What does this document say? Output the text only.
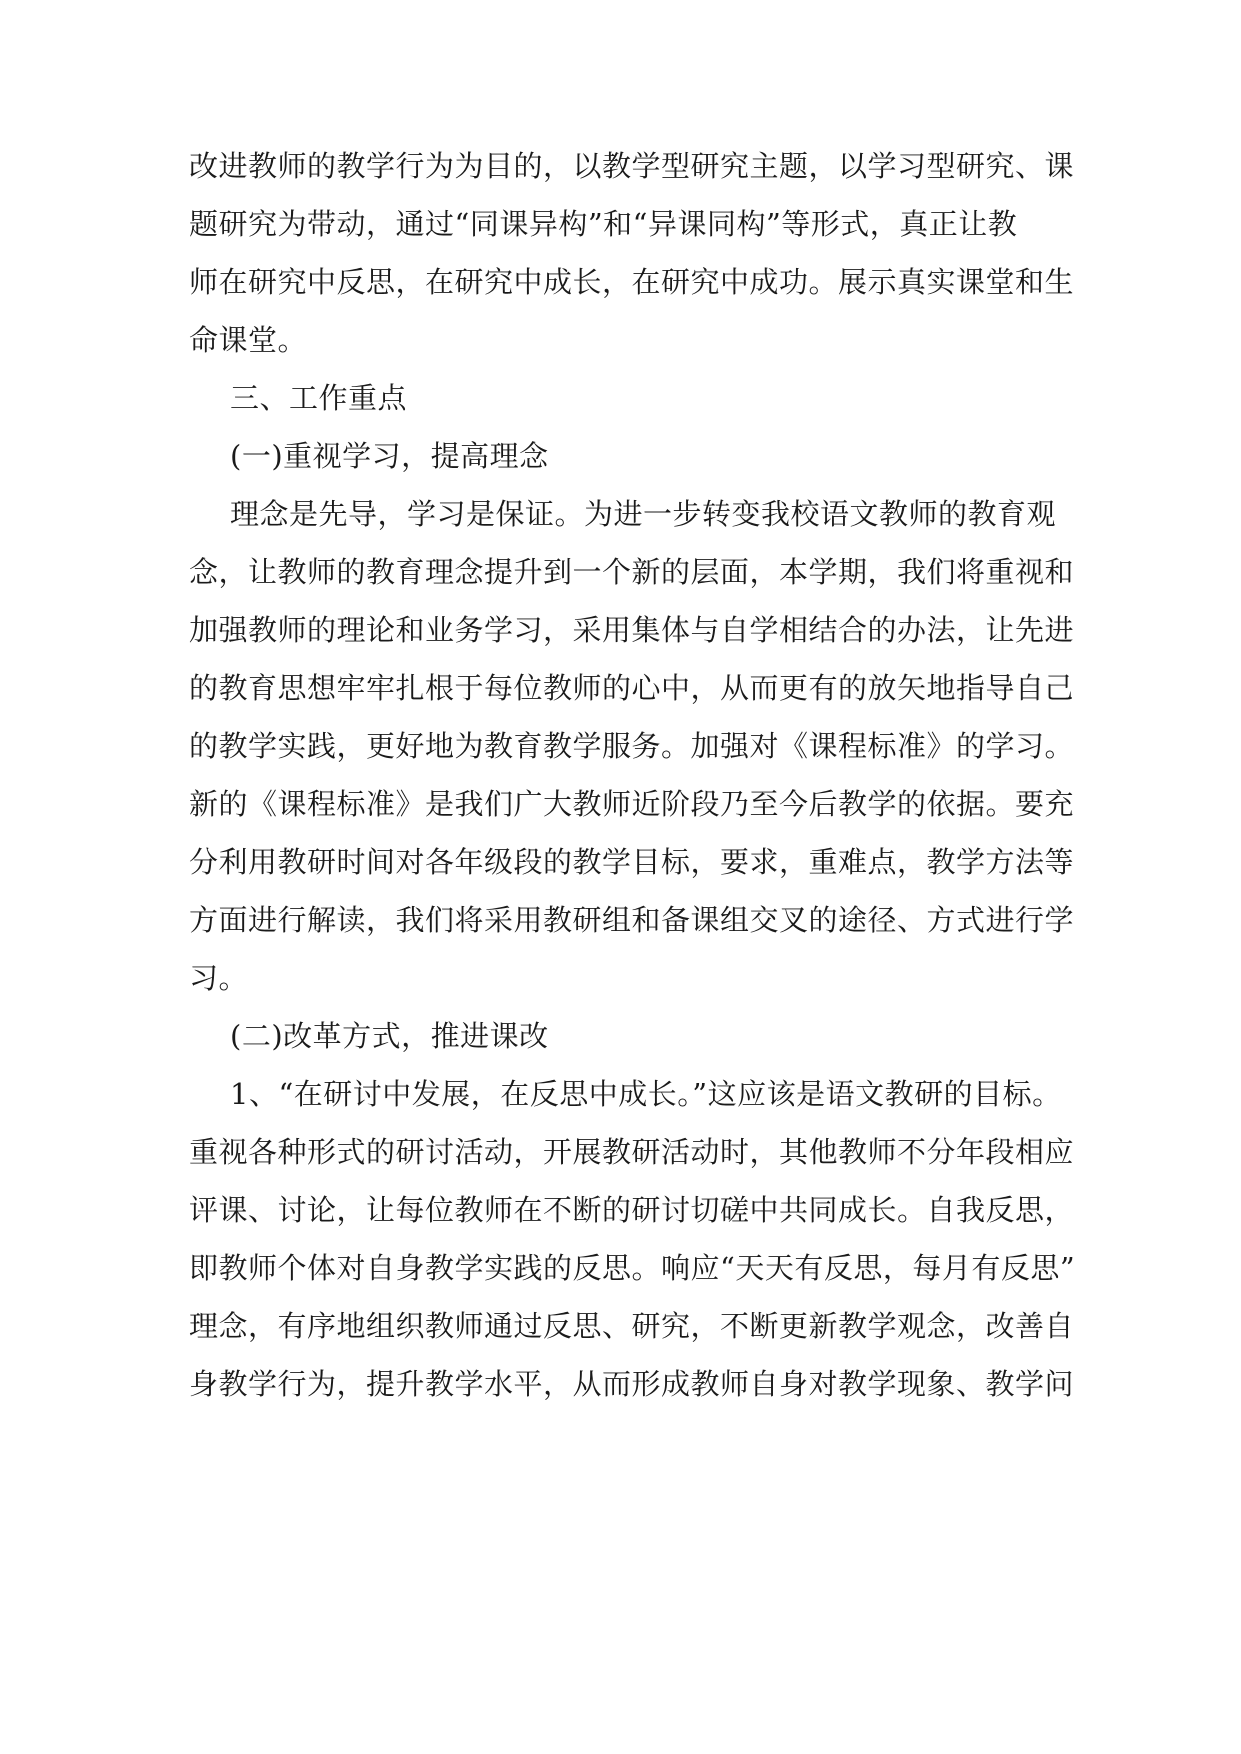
改进教师的教学行为为目的，以教学型研究主题，以学习型研究、课
题研究为带动，通过“同课异构”和“异课同构”等形式，真正让教
师在研究中反思，在研究中成长，在研究中成功。展示真实课堂和生
命课堂。
三、工作重点
(一)重视学习，提高理念
理念是先导，学习是保证。为进一步转变我校语文教师的教育观
念，让教师的教育理念提升到一个新的层面，本学期，我们将重视和
加强教师的理论和业务学习，采用集体与自学相结合的办法，让先进
的教育思想牢牢扎根于每位教师的心中，从而更有的放矢地指导自己
的教学实践，更好地为教育教学服务。加强对《课程标准》的学习。
新的《课程标准》是我们广大教师近阶段乃至今后教学的依据。要充
分利用教研时间对各年级段的教学目标，要求，重难点，教学方法等
方面进行解读，我们将采用教研组和备课组交叉的途径、方式进行学
习。
(二)改革方式，推进课改
1、“在研讨中发展，在反思中成长。”这应该是语文教研的目标。
重视各种形式的研讨活动，开展教研活动时，其他教师不分年段相应
评课、讨论，让每位教师在不断的研讨切磋中共同成长。自我反思，
即教师个体对自身教学实践的反思。响应“天天有反思，每月有反思”
理念，有序地组织教师通过反思、研究，不断更新教学观念，改善自
身教学行为，提升教学水平，从而形成教师自身对教学现象、教学问
